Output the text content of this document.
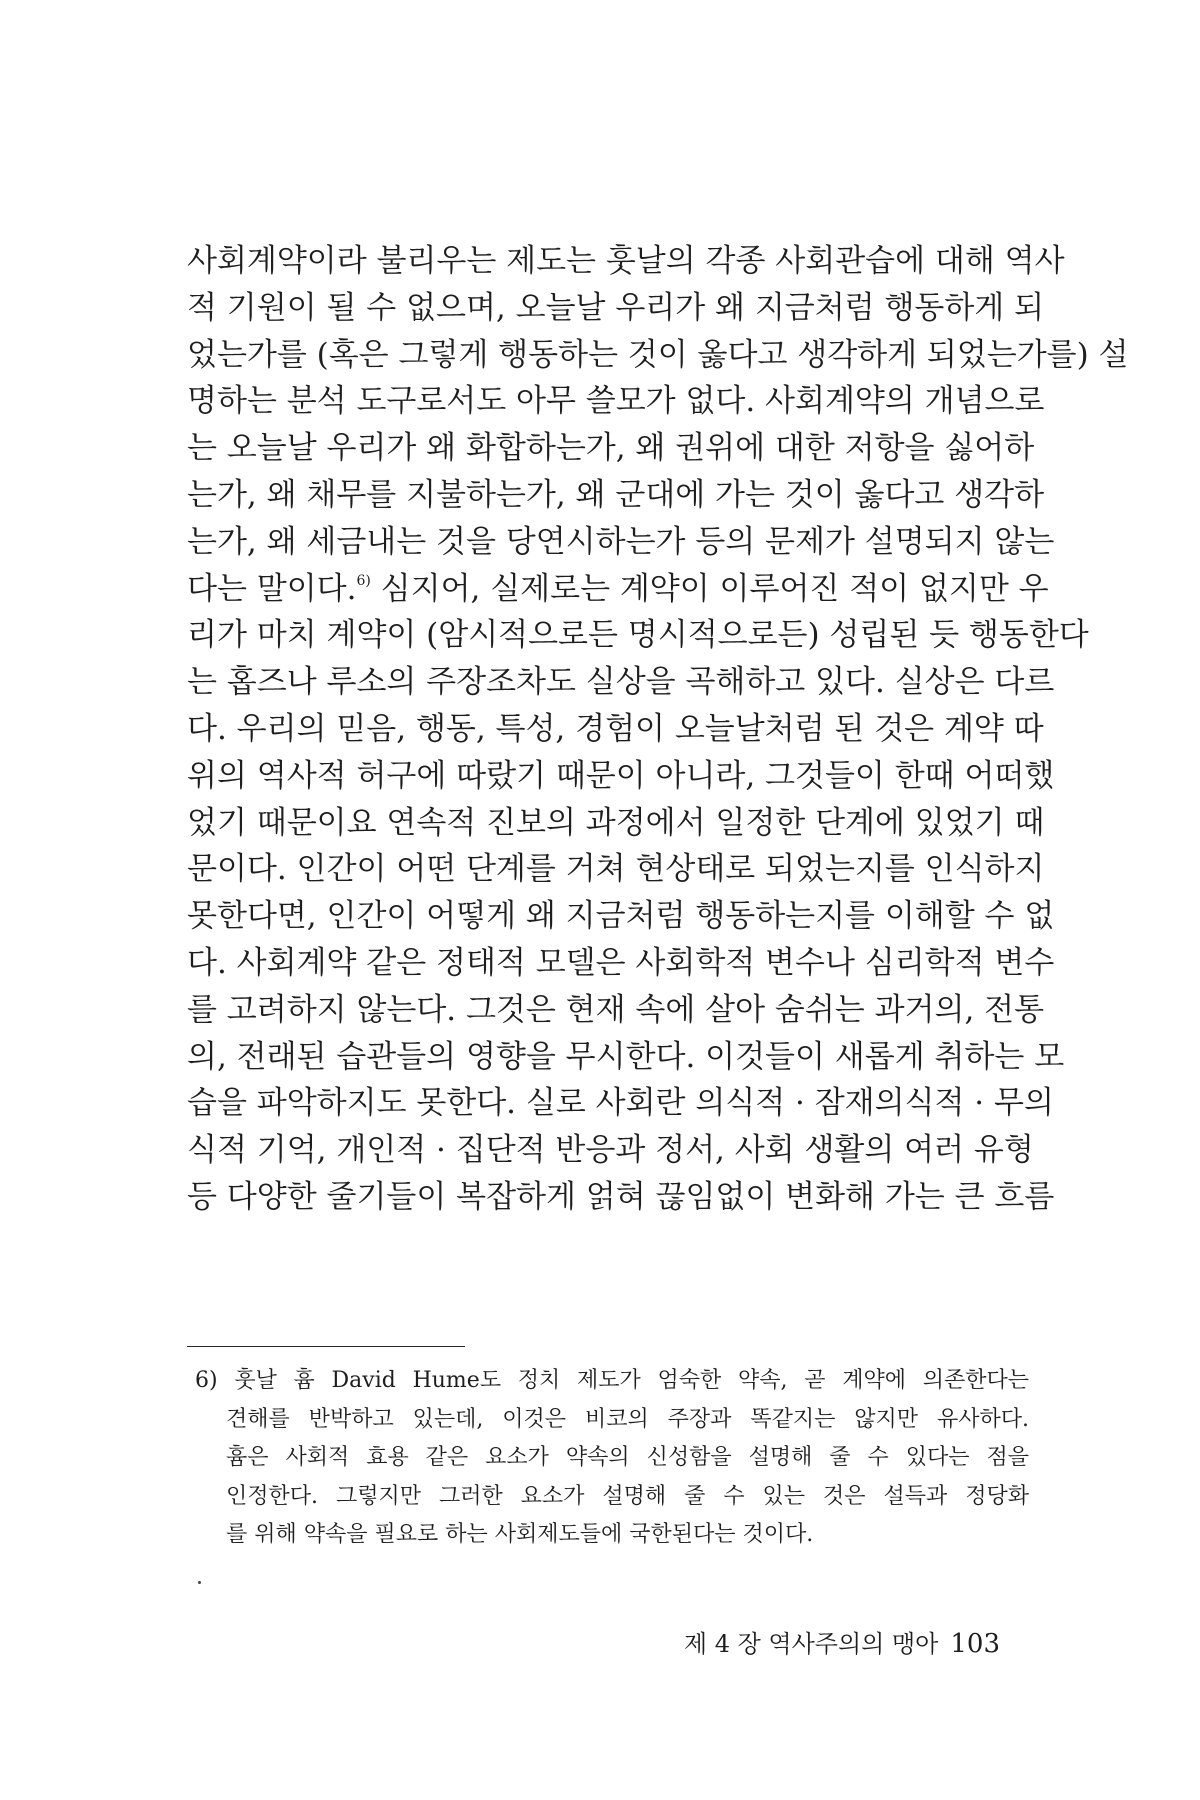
사회계약이라 불리우는 제도는 훗날의 각종 사회관습에 대해 역사
적 기원이 될 수 없으며, 오늘날 우리가 왜 지금처럼 행동하게 되
었는가를 (혹은 그렇게 행동하는 것이 옳다고 생각하게 되었는가를) 설
명하는 분석 도구로서도 아무 쓸모가 없다. 사회계약의 개념으로
는 오늘날 우리가 왜 화합하는가, 왜 권위에 대한 저항을 싫어하
는가, 왜 채무를 지불하는가, 왜 군대에 가는 것이 옳다고 생각하
는가, 왜 세금내는 것을 당연시하는가 등의 문제가 설명되지 않는
다는 말이다.$^{6)}$ 심지어, 실제로는 계약이 이루어진 적이 없지만 우
리가 마치 계약이 (암시적으로든 명시적으로든) 성립된 듯 행동한다
는 홉즈나 루소의 주장조차도 실상을 곡해하고 있다. 실상은 다르
다. 우리의 믿음, 행동, 특성, 경험이 오늘날처럼 된 것은 계약 따
위의 역사적 허구에 따랐기 때문이 아니라, 그것들이 한때 어떠했
었기 때문이요 연속적 진보의 과정에서 일정한 단계에 있었기 때
문이다. 인간이 어떤 단계를 거쳐 현상태로 되었는지를 인식하지
못한다면, 인간이 어떻게 왜 지금처럼 행동하는지를 이해할 수 없
다. 사회계약 같은 정태적 모델은 사회학적 변수나 심리학적 변수
를 고려하지 않는다. 그것은 현재 속에 살아 숨쉬는 과거의, 전통
의, 전래된 습관들의 영향을 무시한다. 이것들이 새롭게 취하는 모
습을 파악하지도 못한다. 실로 사회란 의식적 · 잠재의식적 · 무의
식적 기억, 개인적 · 집단적 반응과 정서, 사회 생활의 여러 유형
등 다양한 줄기들이 복잡하게 얽혀 끊임없이 변화해 가는 큰 흐름
6) 훗날 흄 David Hume도 정치 제도가 엄숙한 약속, 곧 계약에 의존한다는
견해를 반박하고 있는데, 이것은 비코의 주장과 똑같지는 않지만 유사하다.
흄은 사회적 효용 같은 요소가 약속의 신성함을 설명해 줄 수 있다는 점을
인정한다. 그렇지만 그러한 요소가 설명해 줄 수 있는 것은 설득과 정당화
를 위해 약속을 필요로 하는 사회제도들에 국한된다는 것이다.
제 4 장 역사주의의 맹아 103
